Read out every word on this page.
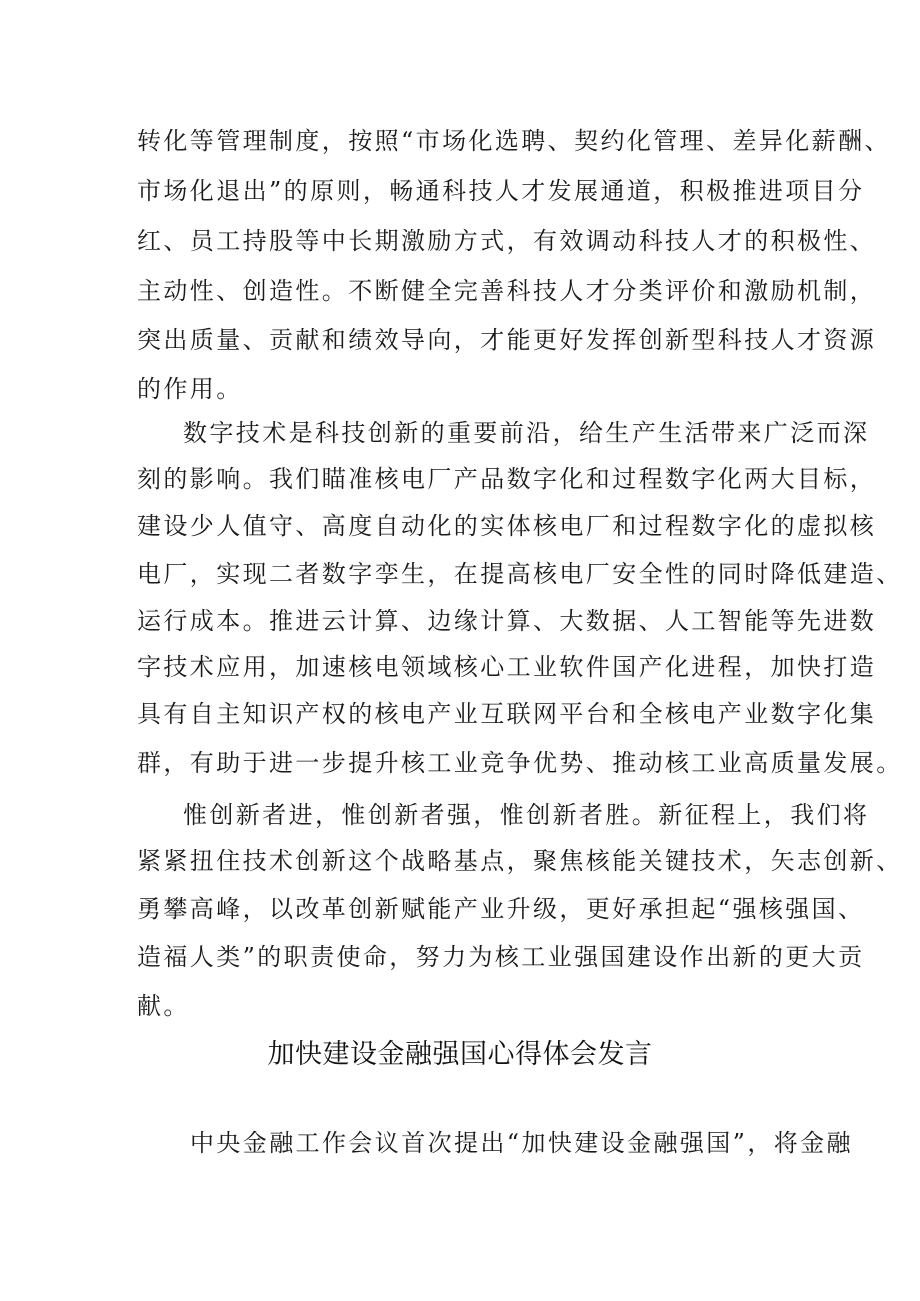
转化等管理制度，按照“市场化选聘、契约化管理、差异化薪酬、
市场化退出”的原则，畅通科技人才发展通道，积极推进项目分
红、员工持股等中长期激励方式，有效调动科技人才的积极性、
主动性、创造性。不断健全完善科技人才分类评价和激励机制，
突出质量、贡献和绩效导向，才能更好发挥创新型科技人才资源
的作用。
数字技术是科技创新的重要前沿，给生产生活带来广泛而深
刻的影响。我们瞄准核电厂产品数字化和过程数字化两大目标，
建设少人值守、高度自动化的实体核电厂和过程数字化的虚拟核
电厂，实现二者数字孪生，在提高核电厂安全性的同时降低建造、
运行成本。推进云计算、边缘计算、大数据、人工智能等先进数
字技术应用，加速核电领域核心工业软件国产化进程，加快打造
具有自主知识产权的核电产业互联网平台和全核电产业数字化集
群，有助于进一步提升核工业竞争优势、推动核工业高质量发展。
惟创新者进，惟创新者强，惟创新者胜。新征程上，我们将
紧紧扭住技术创新这个战略基点，聚焦核能关键技术，矢志创新、
勇攀高峰，以改革创新赋能产业升级，更好承担起“强核强国、
造福人类”的职责使命，努力为核工业强国建设作出新的更大贡
献。
加快建设金融强国心得体会发言
中央金融工作会议首次提出“加快建设金融强国”，将金融
